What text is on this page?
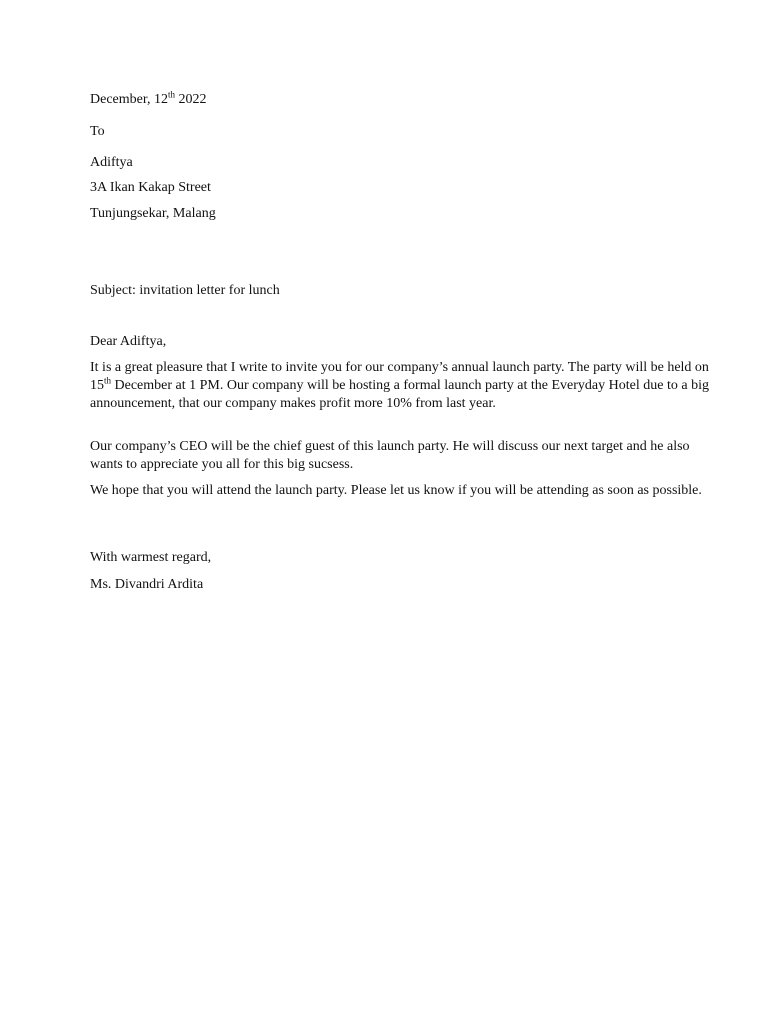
December, 12th 2022
To
Adiftya
3A Ikan Kakap Street
Tunjungsekar, Malang
Subject: invitation letter for lunch
Dear Adiftya,
It is a great pleasure that I write to invite you for our company’s annual launch party. The party will be held on 15th December at 1 PM. Our company will be hosting a formal launch party at the Everyday Hotel due to a big announcement, that our company makes profit more 10% from last year.
Our company’s CEO will be the chief guest of this launch party. He will discuss our next target and he also wants to appreciate you all for this big sucsess.
We hope that you will attend the launch party. Please let us know if you will be attending as soon as possible.
With warmest regard,
Ms. Divandri Ardita
